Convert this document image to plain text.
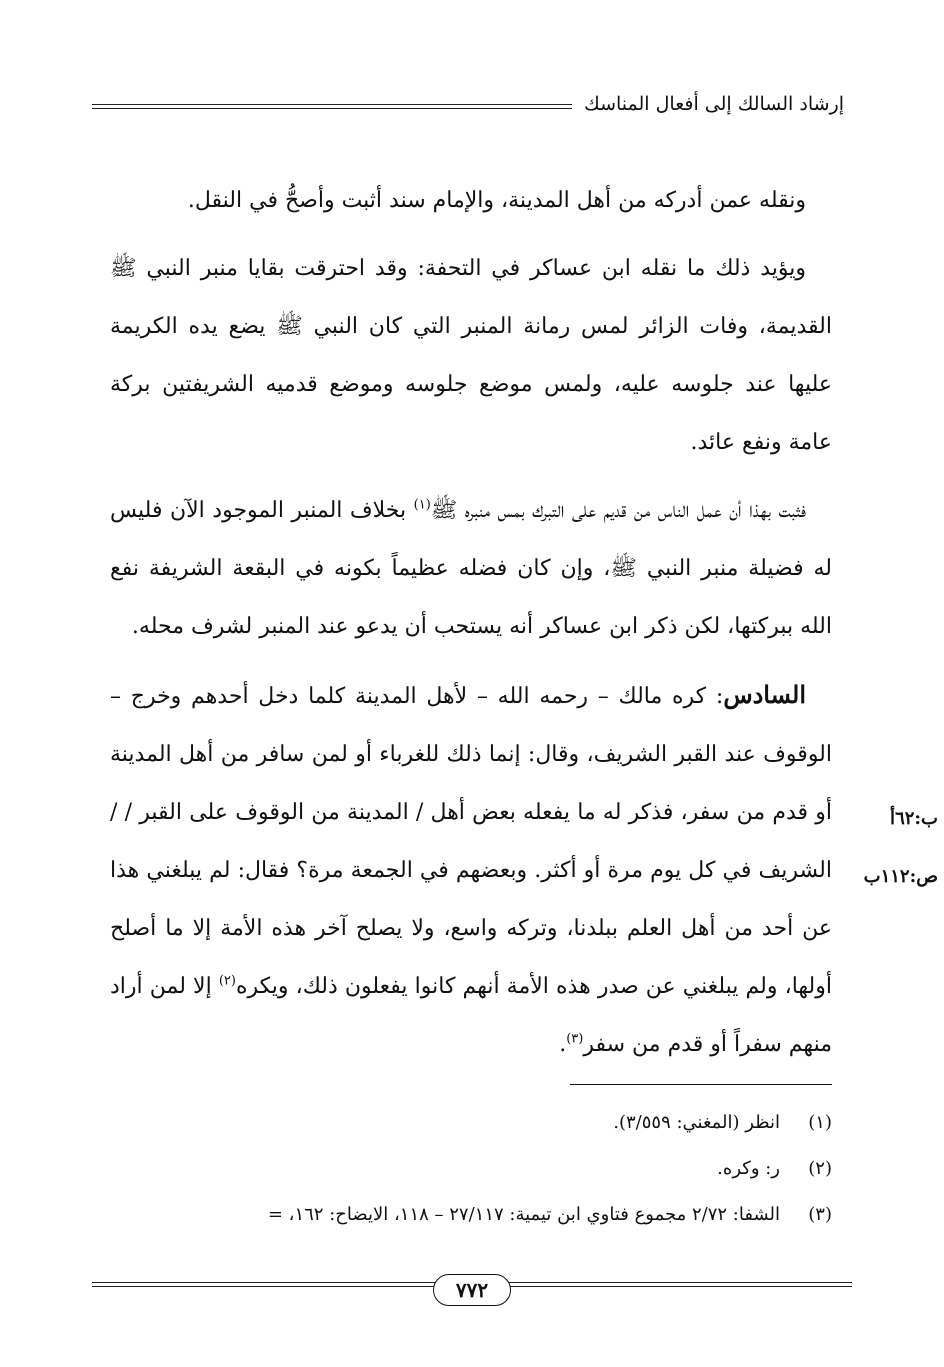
إرشاد السالك إلى أفعال المناسك

ونقله عمن أدركه من أهل المدينة، والإمام سند أثبت وأصحُّ في النقل.

ويؤيد ذلك ما نقله ابن عساكر في التحفة: وقد احترقت بقايا منبر النبي ﷺ القديمة، وفات الزائر لمس رمانة المنبر التي كان النبي ﷺ يضع يده الكريمة عليها عند جلوسه عليه، ولمس موضع جلوسه وموضع قدميه الشريفتين بركة عامة ونفع عائد.

فثبت بهذا أن عمل الناس من قديم على التبرك بمس منبره ﷺ$^{(١)}$ بخلاف المنبر الموجود الآن فليس له فضيلة منبر النبي ﷺ، وإن كان فضله عظيماً بكونه في البقعة الشريفة نفع الله ببركتها، لكن ذكر ابن عساكر أنه يستحب أن يدعو عند المنبر لشرف محله.

السادس: كره مالك – رحمه الله – لأهل المدينة كلما دخل أحدهم وخرج – الوقوف عند القبر الشريف، وقال: إنما ذلك للغرباء أو لمن سافر من أهل المدينة أو قدم من سفر، فذكر له ما يفعله بعض أهل / المدينة من الوقوف على القبر / / الشريف في كل يوم مرة أو أكثر. وبعضهم في الجمعة مرة؟ فقال: لم يبلغني هذا عن أحد من أهل العلم ببلدنا، وتركه واسع، ولا يصلح آخر هذه الأمة إلا ما أصلح أولها، ولم يبلغني عن صدر هذه الأمة أنهم كانوا يفعلون ذلك، ويكره$^{(٢)}$ إلا لمن أراد منهم سفراً أو قدم من سفر$^{(٣)}$.

ب:٦٢أ
ص:١١٢ب
(١)
انظر (المغني: ٣/٥٥٩).
(٢)
ر: وكره.
(٣)
الشفا: ٢/٧٢ مجموع فتاوي ابن تيمية: ٢٧/١١٧ – ١١٨، الايضاح: ١٦٢، =
٧٧٢
